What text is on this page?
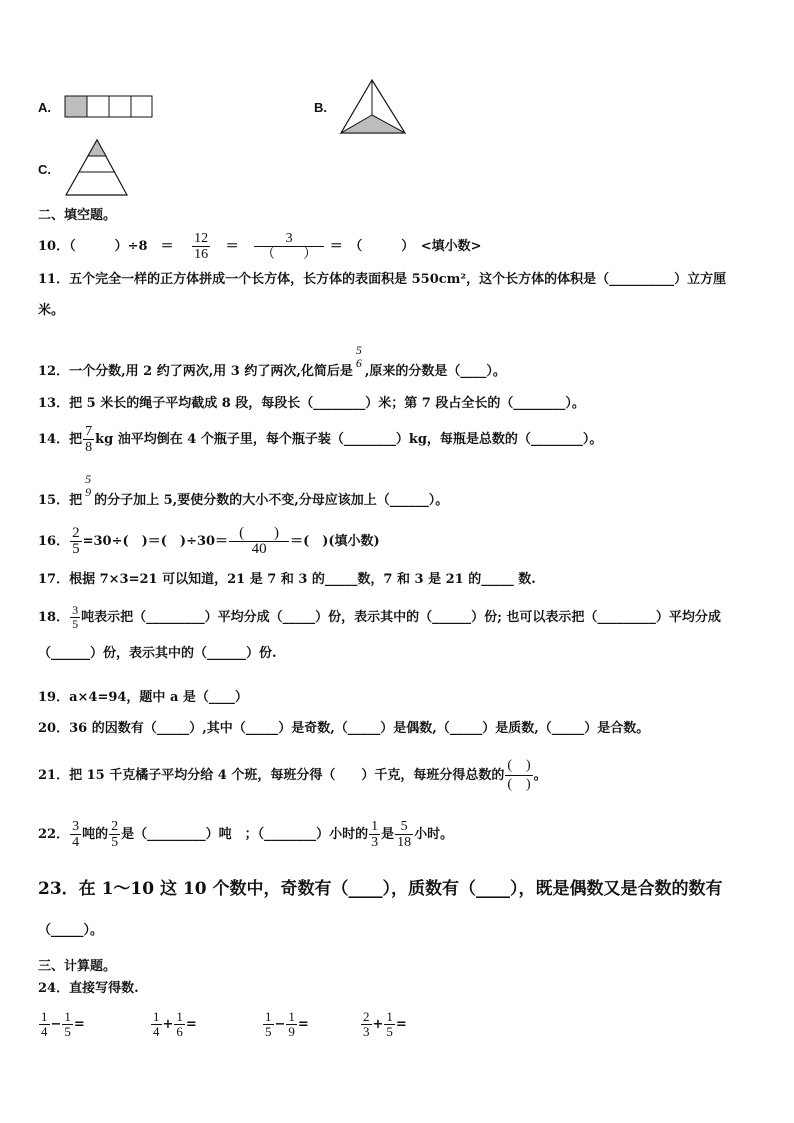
A.	B.
C.
二、填空题。
10．（　　　）÷8　＝ $\frac{12}{16} = \frac{3}{( )}$ ＝　（　　　）　<填小数>
11．五个完全一样的正方体拼成一个长方体，长方体的表面积是 550cm²，这个长方体的体积是（__________）立方厘
米。
12．一个分数,用 2 约了两次,用 3 约了两次,化简后是
5
6
,原来的分数是（____）。
13．把 5 米长的绳子平均截成 8 段，每段长（________）米；第 7 段占全长的（________）。
14．把 $\frac{7}{8}$ kg 油平均倒在 4 个瓶子里，每个瓶子装（________）kg，每瓶是总数的（________）。
15．把
5
9
的分子加上 5,要使分数的大小不变,分母应该加上（______）。
16． $\frac{2}{5} =30\div$(　)＝(　)$\div 30= \frac{( )}{40}$ ＝(　)(填小数)
17．根据 7×3=21 可以知道，21 是 7 和 3 的_____数，7 和 3 是 21 的_____ 数.
18． $\frac{3}{5}$ 吨表示把（_________）平均分成（_____）份，表示其中的（______）份; 也可以表示把（_________）平均分成
（______）份，表示其中的（______）份.
19．a×4=94，题中 a 是（____）
20．36 的因数有（_____）,其中（_____）是奇数,（_____）是偶数,（_____）是质数,（_____）是合数。
21．把 15 千克橘子平均分给 4 个班，每班分得（　　）千克，每班分得总数的 $\frac{( )}{( )}$ 。
22． $\frac{3}{4}$ 吨的 $\frac{2}{5}$ 是（_________）吨　；（________）小时的 $\frac{1}{3}$ 是 $\frac{5}{18}$ 小时。
23．在 1～10 这 10 个数中，奇数有（____），质数有（____），既是偶数又是合数的数有
（_____）。
三、计算题。
24．直接写得数.
$\frac{1}{4} - \frac{1}{5}$ =	$\frac{1}{4} + \frac{1}{6}$ =	$\frac{1}{5} - \frac{1}{9}$ =	$\frac{2}{3} + \frac{1}{5}$ =
